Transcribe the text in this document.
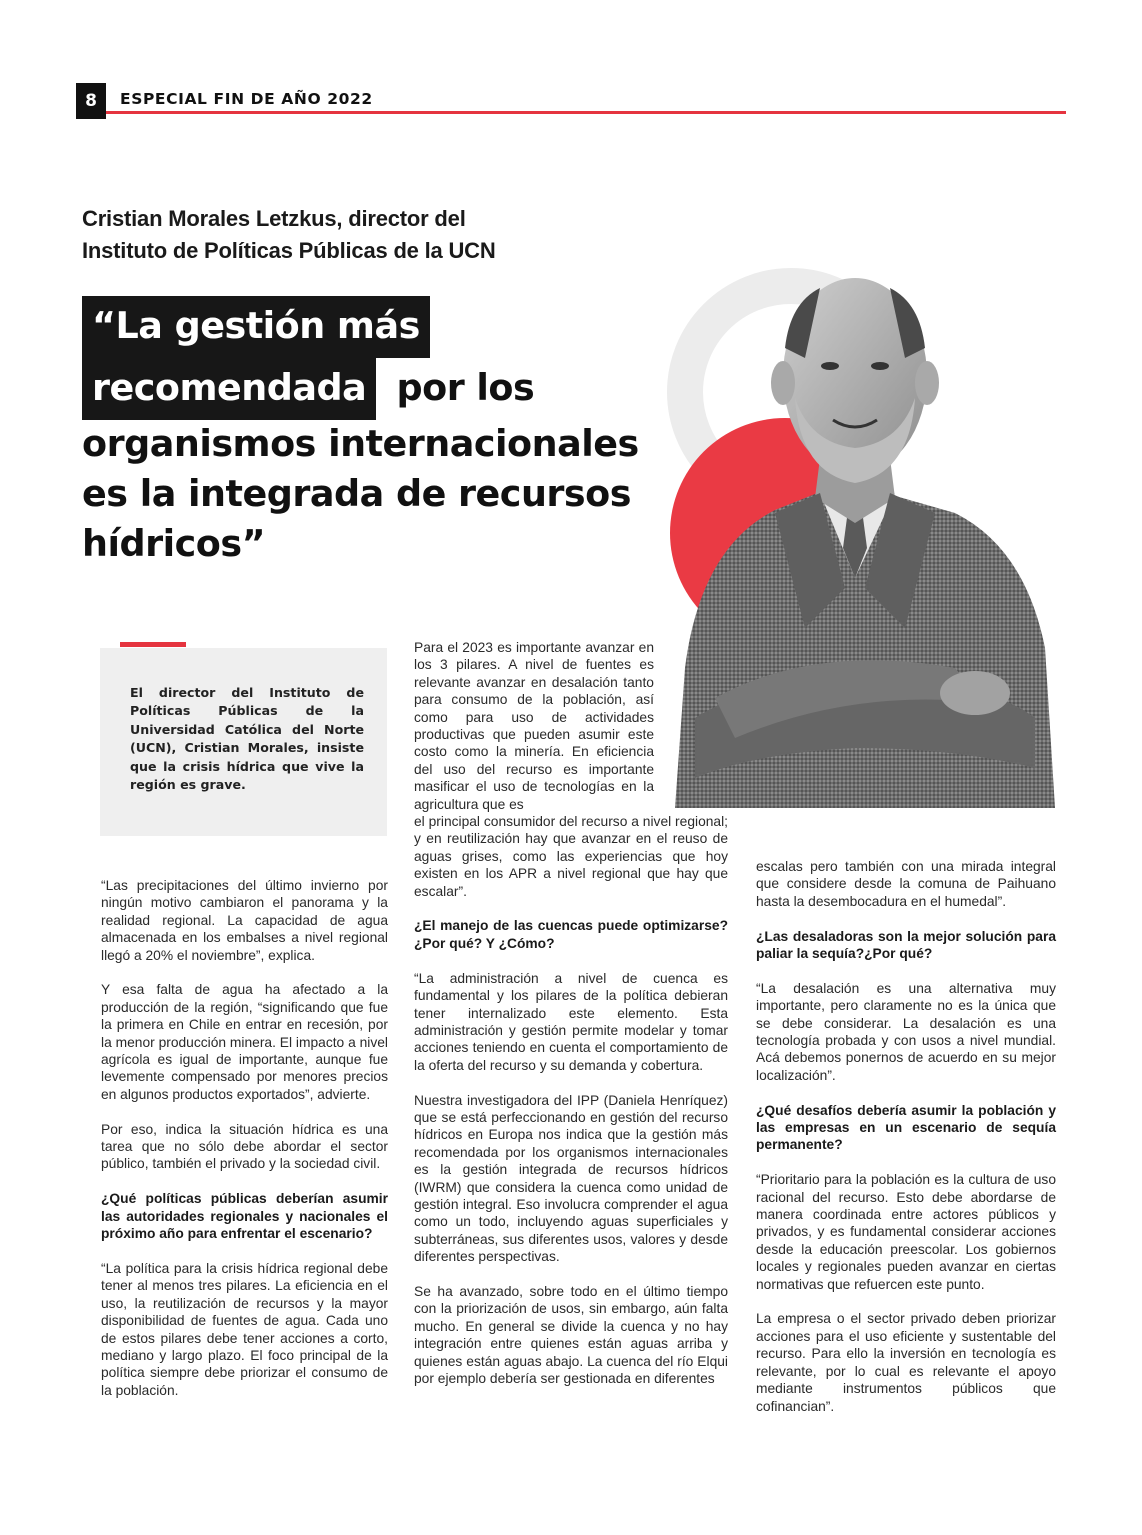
8	ESPECIAL FIN DE AÑO 2022
Cristian Morales Letzkus, director del
Instituto de Políticas Públicas de la UCN
“La gestión más
recomendada por los
organismos internacionales
es la integrada de recursos
hídricos”
El director del Instituto de Políticas Públicas de la Universidad Católica del Norte (UCN), Cristian Morales, insiste que la crisis hídrica que vive la región es grave.

“Las precipitaciones del último invierno por ningún motivo cambiaron el panorama y la realidad regional. La capacidad de agua almacenada en los embalses a nivel regional llegó a 20% el noviembre”, explica.

Y esa falta de agua ha afectado a la producción de la región, “significando que fue la primera en Chile en entrar en recesión, por la menor producción minera. El impacto a nivel agrícola es igual de importante, aunque fue levemente compensado por menores precios en algunos productos exportados”, advierte.

Por eso, indica la situación hídrica es una tarea que no sólo debe abordar el sector público, también el privado y la sociedad civil.

¿Qué políticas públicas deberían asumir las autoridades regionales y nacionales el próximo año para enfrentar el escenario?

“La política para la crisis hídrica regional debe tener al menos tres pilares. La eficiencia en el uso, la reutilización de recursos y la mayor disponibilidad de fuentes de agua. Cada uno de estos pilares debe tener acciones a corto, mediano y largo plazo. El foco principal de la política siempre debe priorizar el consumo de la población.

Para el 2023 es importante avanzar en los 3 pilares. A nivel de fuentes es relevante avanzar en desalación tanto para consumo de la población, así como para uso de actividades productivas que pueden asumir este costo como la minería. En eficiencia del uso del recurso es importante masificar el uso de tecnologías en la agricultura que es

el principal consumidor del recurso a nivel regional; y en reutilización hay que avanzar en el reuso de aguas grises, como las experiencias que hoy existen en los APR a nivel regional que hay que escalar”.

¿El manejo de las cuencas puede optimizarse? ¿Por qué? Y ¿Cómo?

“La administración a nivel de cuenca es fundamental y los pilares de la política debieran tener internalizado este elemento. Esta administración y gestión permite modelar y tomar acciones teniendo en cuenta el comportamiento de la oferta del recurso y su demanda y cobertura.

Nuestra investigadora del IPP (Daniela Henríquez) que se está perfeccionando en gestión del recurso hídricos en Europa nos indica que la gestión más recomendada por los organismos internacionales es la gestión integrada de recursos hídricos (IWRM) que considera la cuenca como unidad de gestión integral. Eso involucra comprender el agua como un todo, incluyendo aguas superficiales y subterráneas, sus diferentes usos, valores y desde diferentes perspectivas.

Se ha avanzado, sobre todo en el último tiempo con la priorización de usos, sin embargo, aún falta mucho. En general se divide la cuenca y no hay integración entre quienes están aguas arriba y quienes están aguas abajo. La cuenca del río Elqui por ejemplo debería ser gestionada en diferentes

escalas pero también con una mirada integral que considere desde la comuna de Paihuano hasta la desembocadura en el humedal”.

¿Las desaladoras son la mejor solución para paliar la sequía?¿Por qué?

“La desalación es una alternativa muy importante, pero claramente no es la única que se debe considerar. La desalación es una tecnología probada y con usos a nivel mundial. Acá debemos ponernos de acuerdo en su mejor localización”.

¿Qué desafíos debería asumir la población y las empresas en un escenario de sequía permanente?

“Prioritario para la población es la cultura de uso racional del recurso. Esto debe abordarse de manera coordinada entre actores públicos y privados, y es fundamental considerar acciones desde la educación preescolar. Los gobiernos locales y regionales pueden avanzar en ciertas normativas que refuercen este punto.

La empresa o el sector privado deben priorizar acciones para el uso eficiente y sustentable del recurso. Para ello la inversión en tecnología es relevante, por lo cual es relevante el apoyo mediante instrumentos públicos que cofinancian”.
